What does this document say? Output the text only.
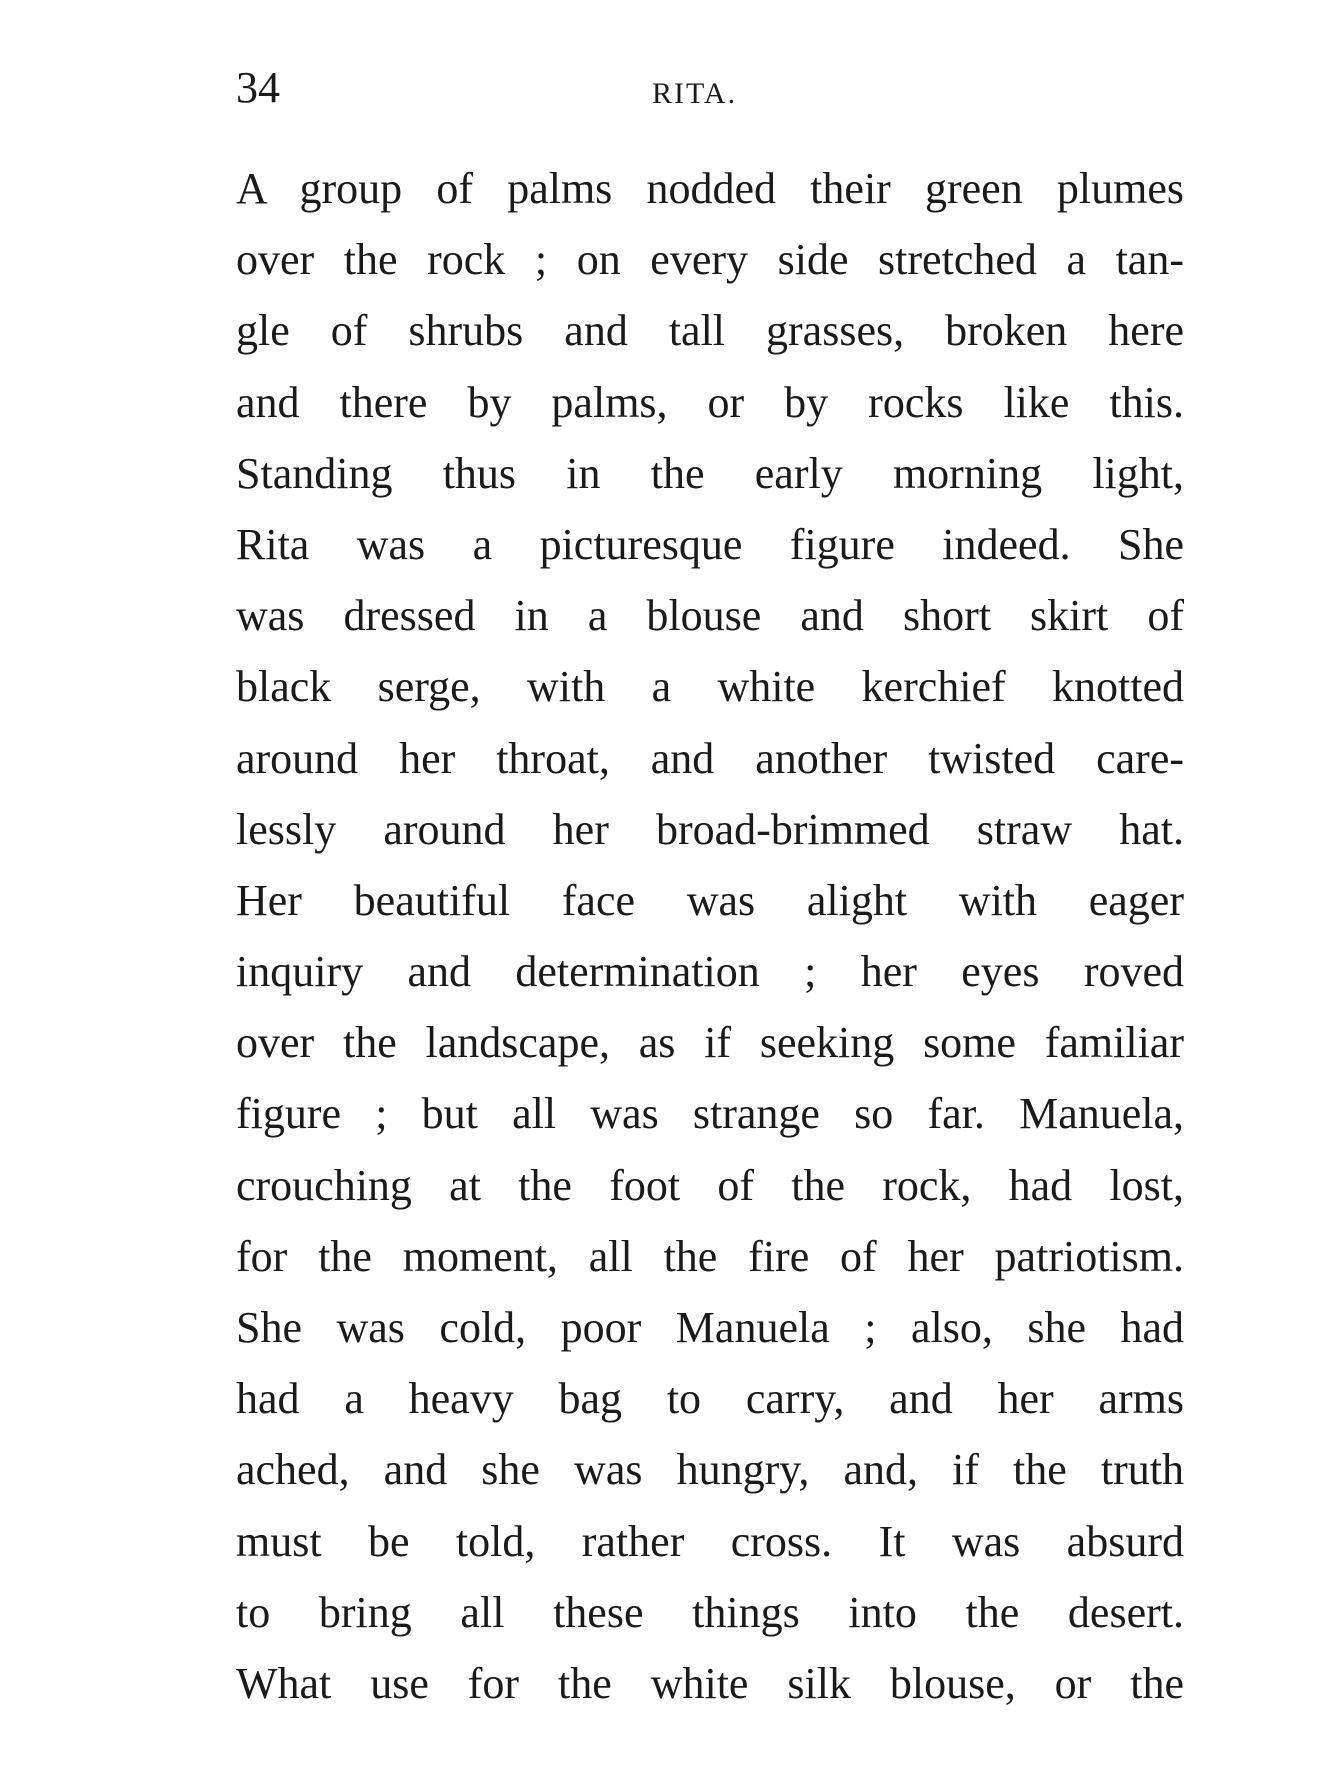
34	RITA.
A group of palms nodded their green plumes
over the rock ; on every side stretched a tan-
gle of shrubs and tall grasses, broken here
and there by palms, or by rocks like this.
Standing thus in the early morning light,
Rita was a picturesque figure indeed. She
was dressed in a blouse and short skirt of
black serge, with a white kerchief knotted
around her throat, and another twisted care-
lessly around her broad-brimmed straw hat.
Her beautiful face was alight with eager
inquiry and determination ; her eyes roved
over the landscape, as if seeking some familiar
figure ; but all was strange so far. Manuela,
crouching at the foot of the rock, had lost,
for the moment, all the fire of her patriotism.
She was cold, poor Manuela ; also, she had
had a heavy bag to carry, and her arms
ached, and she was hungry, and, if the truth
must be told, rather cross. It was absurd
to bring all these things into the desert.
What use for the white silk blouse, or the
